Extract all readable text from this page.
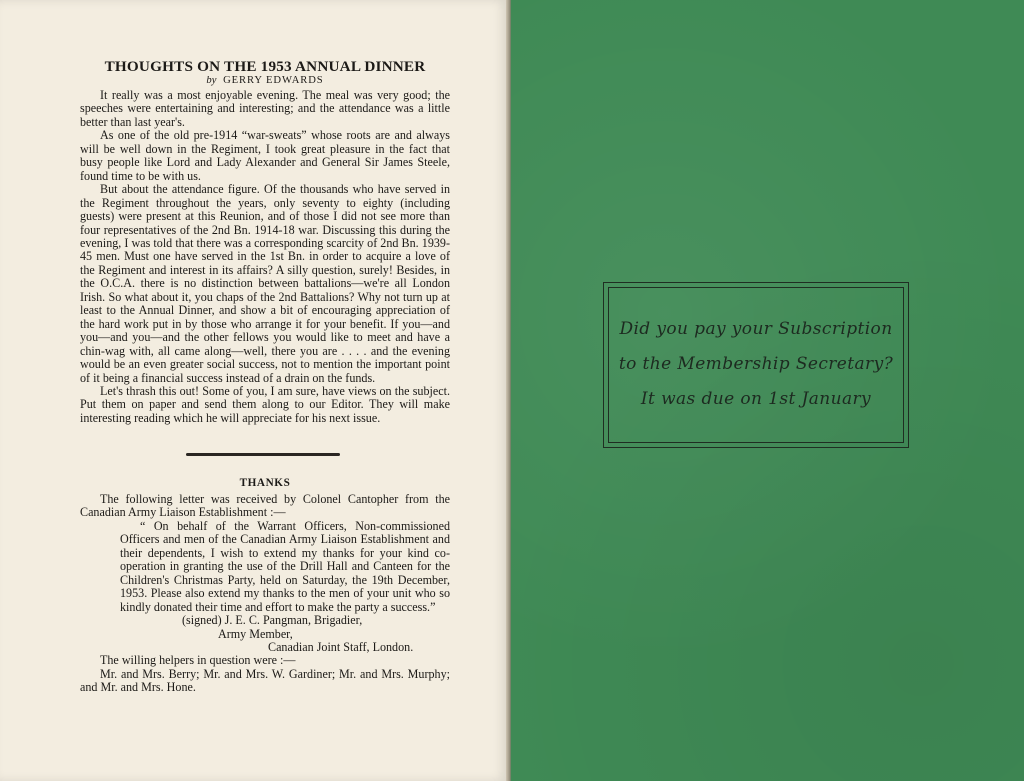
THOUGHTS ON THE 1953 ANNUAL DINNER
by GERRY EDWARDS

It really was a most enjoyable evening. The meal was very good; the speeches were entertaining and interesting; and the attendance was a little better than last year's.

As one of the old pre-1914 “war-sweats” whose roots are and always will be well down in the Regiment, I took great pleasure in the fact that busy people like Lord and Lady Alexander and General Sir James Steele, found time to be with us.

But about the attendance figure. Of the thousands who have served in the Regiment throughout the years, only seventy to eighty (including guests) were present at this Reunion, and of those I did not see more than four representatives of the 2nd Bn. 1914-18 war. Discussing this during the evening, I was told that there was a corresponding scarcity of 2nd Bn. 1939-45 men. Must one have served in the 1st Bn. in order to acquire a love of the Regiment and interest in its affairs? A silly question, surely! Besides, in the O.C.A. there is no distinction between battalions—we're all London Irish. So what about it, you chaps of the 2nd Battalions? Why not turn up at least to the Annual Dinner, and show a bit of encouraging appreciation of the hard work put in by those who arrange it for your benefit. If you—and you—and you—and the other fellows you would like to meet and have a chin-wag with, all came along—well, there you are . . . . and the evening would be an even greater social success, not to mention the important point of it being a financial success instead of a drain on the funds.

Let's thrash this out! Some of you, I am sure, have views on the subject. Put them on paper and send them along to our Editor. They will make interesting reading which he will appreciate for his next issue.

THANKS

The following letter was received by Colonel Cantopher from the Canadian Army Liaison Establishment :—

“ On behalf of the Warrant Officers, Non-commissioned Officers and men of the Canadian Army Liaison Establishment and their dependents, I wish to extend my thanks for your kind co-operation in granting the use of the Drill Hall and Canteen for the Children's Christmas Party, held on Saturday, the 19th December, 1953. Please also extend my thanks to the men of your unit who so kindly donated their time and effort to make the party a success.”

(signed) J. E. C. Pangman, Brigadier,

Army Member,

Canadian Joint Staff, London.

The willing helpers in question were :—

Mr. and Mrs. Berry; Mr. and Mrs. W. Gardiner; Mr. and Mrs. Murphy; and Mr. and Mrs. Hone.

Did you pay your Subscription
to the Membership Secretary?
It was due on 1st January
